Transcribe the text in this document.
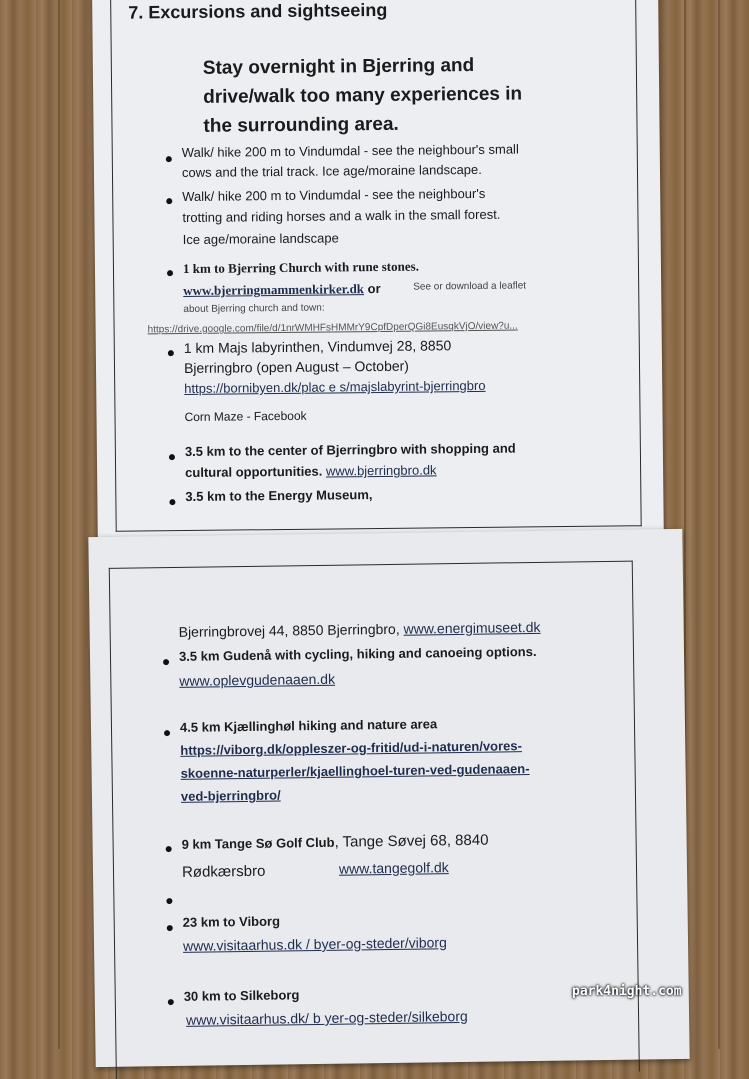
7. Excursions and sightseeing
Stay overnight in Bjerring and
drive/walk too many experiences in
the surrounding area.
Walk/ hike 200 m to Vindumdal - see the neighbour's small
cows and the trial track. Ice age/moraine landscape.
Walk/ hike 200 m to Vindumdal - see the neighbour's
trotting and riding horses and a walk in the small forest.
Ice age/moraine landscape
1 km to Bjerring Church with rune stones.
www.bjerringmammenkirker.dk or	See or download a leaflet
about Bjerring church and town:
https://drive.google.com/file/d/1nrWMHFsHMMrY9CpfDperQGi8EusqkVjO/view?u...
1 km Majs labyrinthen, Vindumvej 28, 8850
Bjerringbro (open August – October)
https://bornibyen.dk/plac e s/majslabyrint-bjerringbro
Corn Maze - Facebook
3.5 km to the center of Bjerringbro with shopping and
cultural opportunities. www.bjerringbro.dk
3.5 km to the Energy Museum,
Bjerringbrovej 44, 8850 Bjerringbro, www.energimuseet.dk
3.5 km Gudenå with cycling, hiking and canoeing options.
www.oplevgudenaaen.dk
4.5 km Kjællinghøl hiking and nature area
https://viborg.dk/oppleszer-og-fritid/ud-i-naturen/vores-
skoenne-naturperler/kjaellinghoel-turen-ved-gudenaaen-
ved-bjerringbro/
9 km Tange Sø Golf Club, Tange Søvej 68, 8840
Rødkærsbro	www.tangegolf.dk
23 km to Viborg
www.visitaarhus.dk / byer-og-steder/viborg
30 km to Silkeborg
www.visitaarhus.dk/ b yer-og-steder/silkeborg
park4night.com
